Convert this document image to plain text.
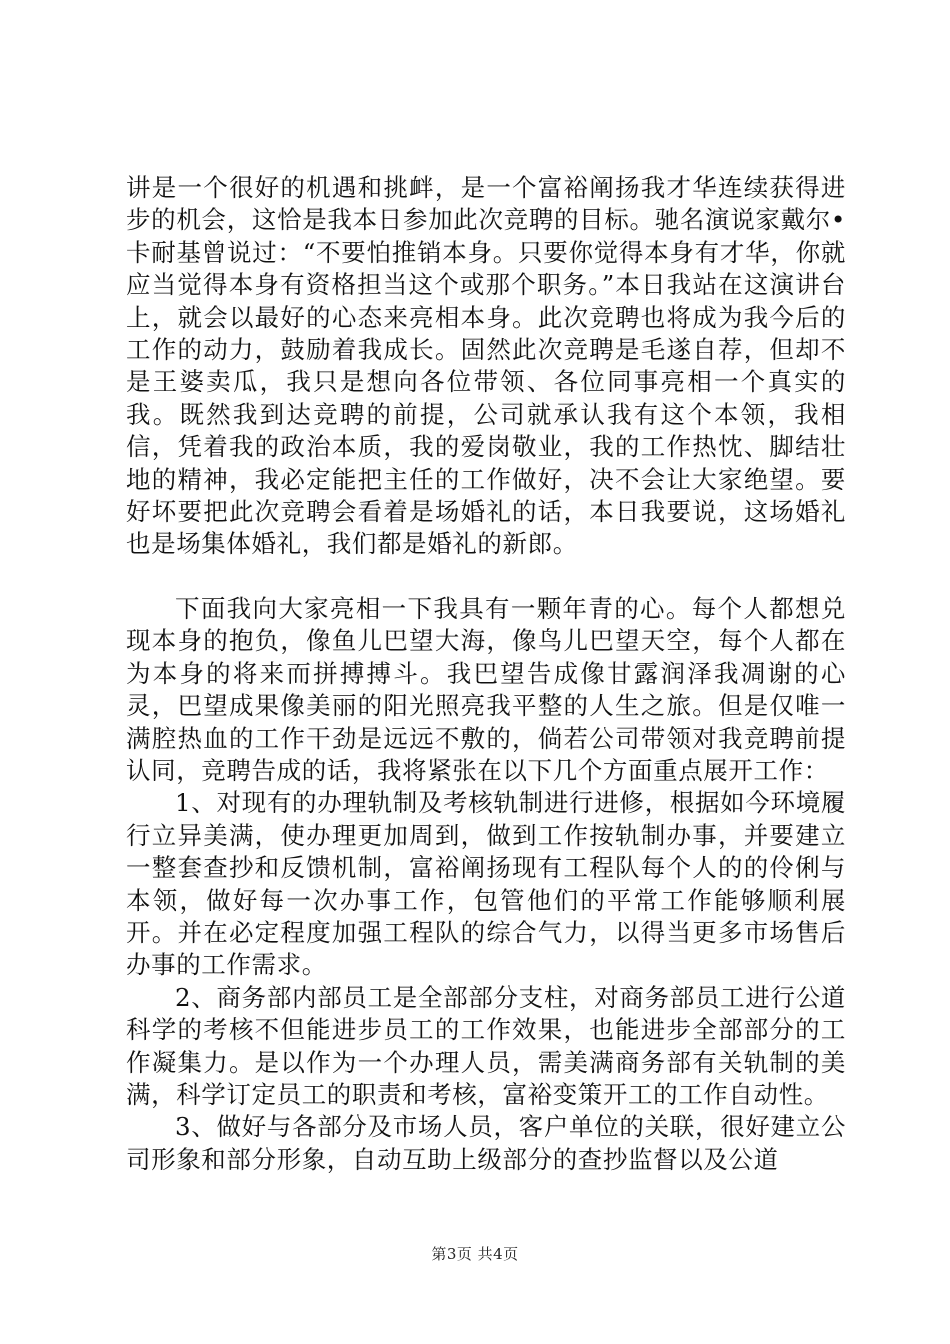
讲是一个很好的机遇和挑衅，是一个富裕阐扬我才华连续获得进步的机会，这恰是我本日参加此次竞聘的目标。驰名演说家戴尔•卡耐基曾说过：“不要怕推销本身。只要你觉得本身有才华，你就应当觉得本身有资格担当这个或那个职务。”本日我站在这演讲台上，就会以最好的心态来亮相本身。此次竞聘也将成为我今后的工作的动力，鼓励着我成长。固然此次竞聘是毛遂自荐，但却不是王婆卖瓜，我只是想向各位带领、各位同事亮相一个真实的我。既然我到达竞聘的前提，公司就承认我有这个本领，我相信，凭着我的政治本质，我的爱岗敬业，我的工作热忱、脚结壮地的精神，我必定能把主任的工作做好，决不会让大家绝望。要好坏要把此次竞聘会看着是场婚礼的话，本日我要说，这场婚礼也是场集体婚礼，我们都是婚礼的新郎。

下面我向大家亮相一下我具有一颗年青的心。每个人都想兑现本身的抱负，像鱼儿巴望大海，像鸟儿巴望天空，每个人都在为本身的将来而拼搏搏斗。我巴望告成像甘露润泽我凋谢的心灵，巴望成果像美丽的阳光照亮我平整的人生之旅。但是仅唯一满腔热血的工作干劲是远远不敷的，倘若公司带领对我竞聘前提认同，竞聘告成的话，我将紧张在以下几个方面重点展开工作：

1、对现有的办理轨制及考核轨制进行进修，根据如今环境履行立异美满，使办理更加周到，做到工作按轨制办事，并要建立一整套查抄和反馈机制，富裕阐扬现有工程队每个人的的伶俐与本领，做好每一次办事工作，包管他们的平常工作能够顺利展开。并在必定程度加强工程队的综合气力，以得当更多市场售后办事的工作需求。

2、商务部内部员工是全部部分支柱，对商务部员工进行公道科学的考核不但能进步员工的工作效果，也能进步全部部分的工作凝集力。是以作为一个办理人员，需美满商务部有关轨制的美满，科学订定员工的职责和考核，富裕变策开工的工作自动性。

3、做好与各部分及市场人员，客户单位的关联，很好建立公司形象和部分形象，自动互助上级部分的查抄监督以及公道

第3页 共4页
